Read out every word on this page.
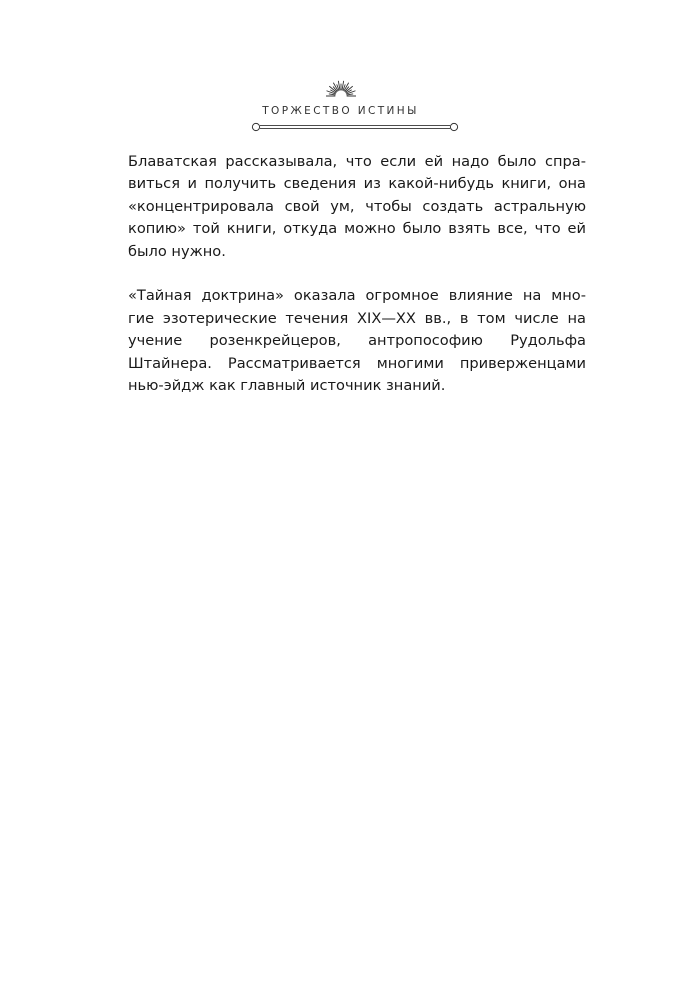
ТОРЖЕСТВО ИСТИНЫ

Блаватская рассказывала, что если ей надо было спра-
виться и получить сведения из какой-нибудь книги, она
«концентрировала свой ум, чтобы создать астральную
копию» той книги, откуда можно было взять все, что ей
было нужно.

«Тайная доктрина» оказала огромное влияние на мно-
гие эзотерические течения XIX—XX вв., в том числе на
учение розенкрейцеров, антропософию Рудольфа
Штайнера. Рассматривается многими приверженцами
нью-эйдж как главный источник знаний.
